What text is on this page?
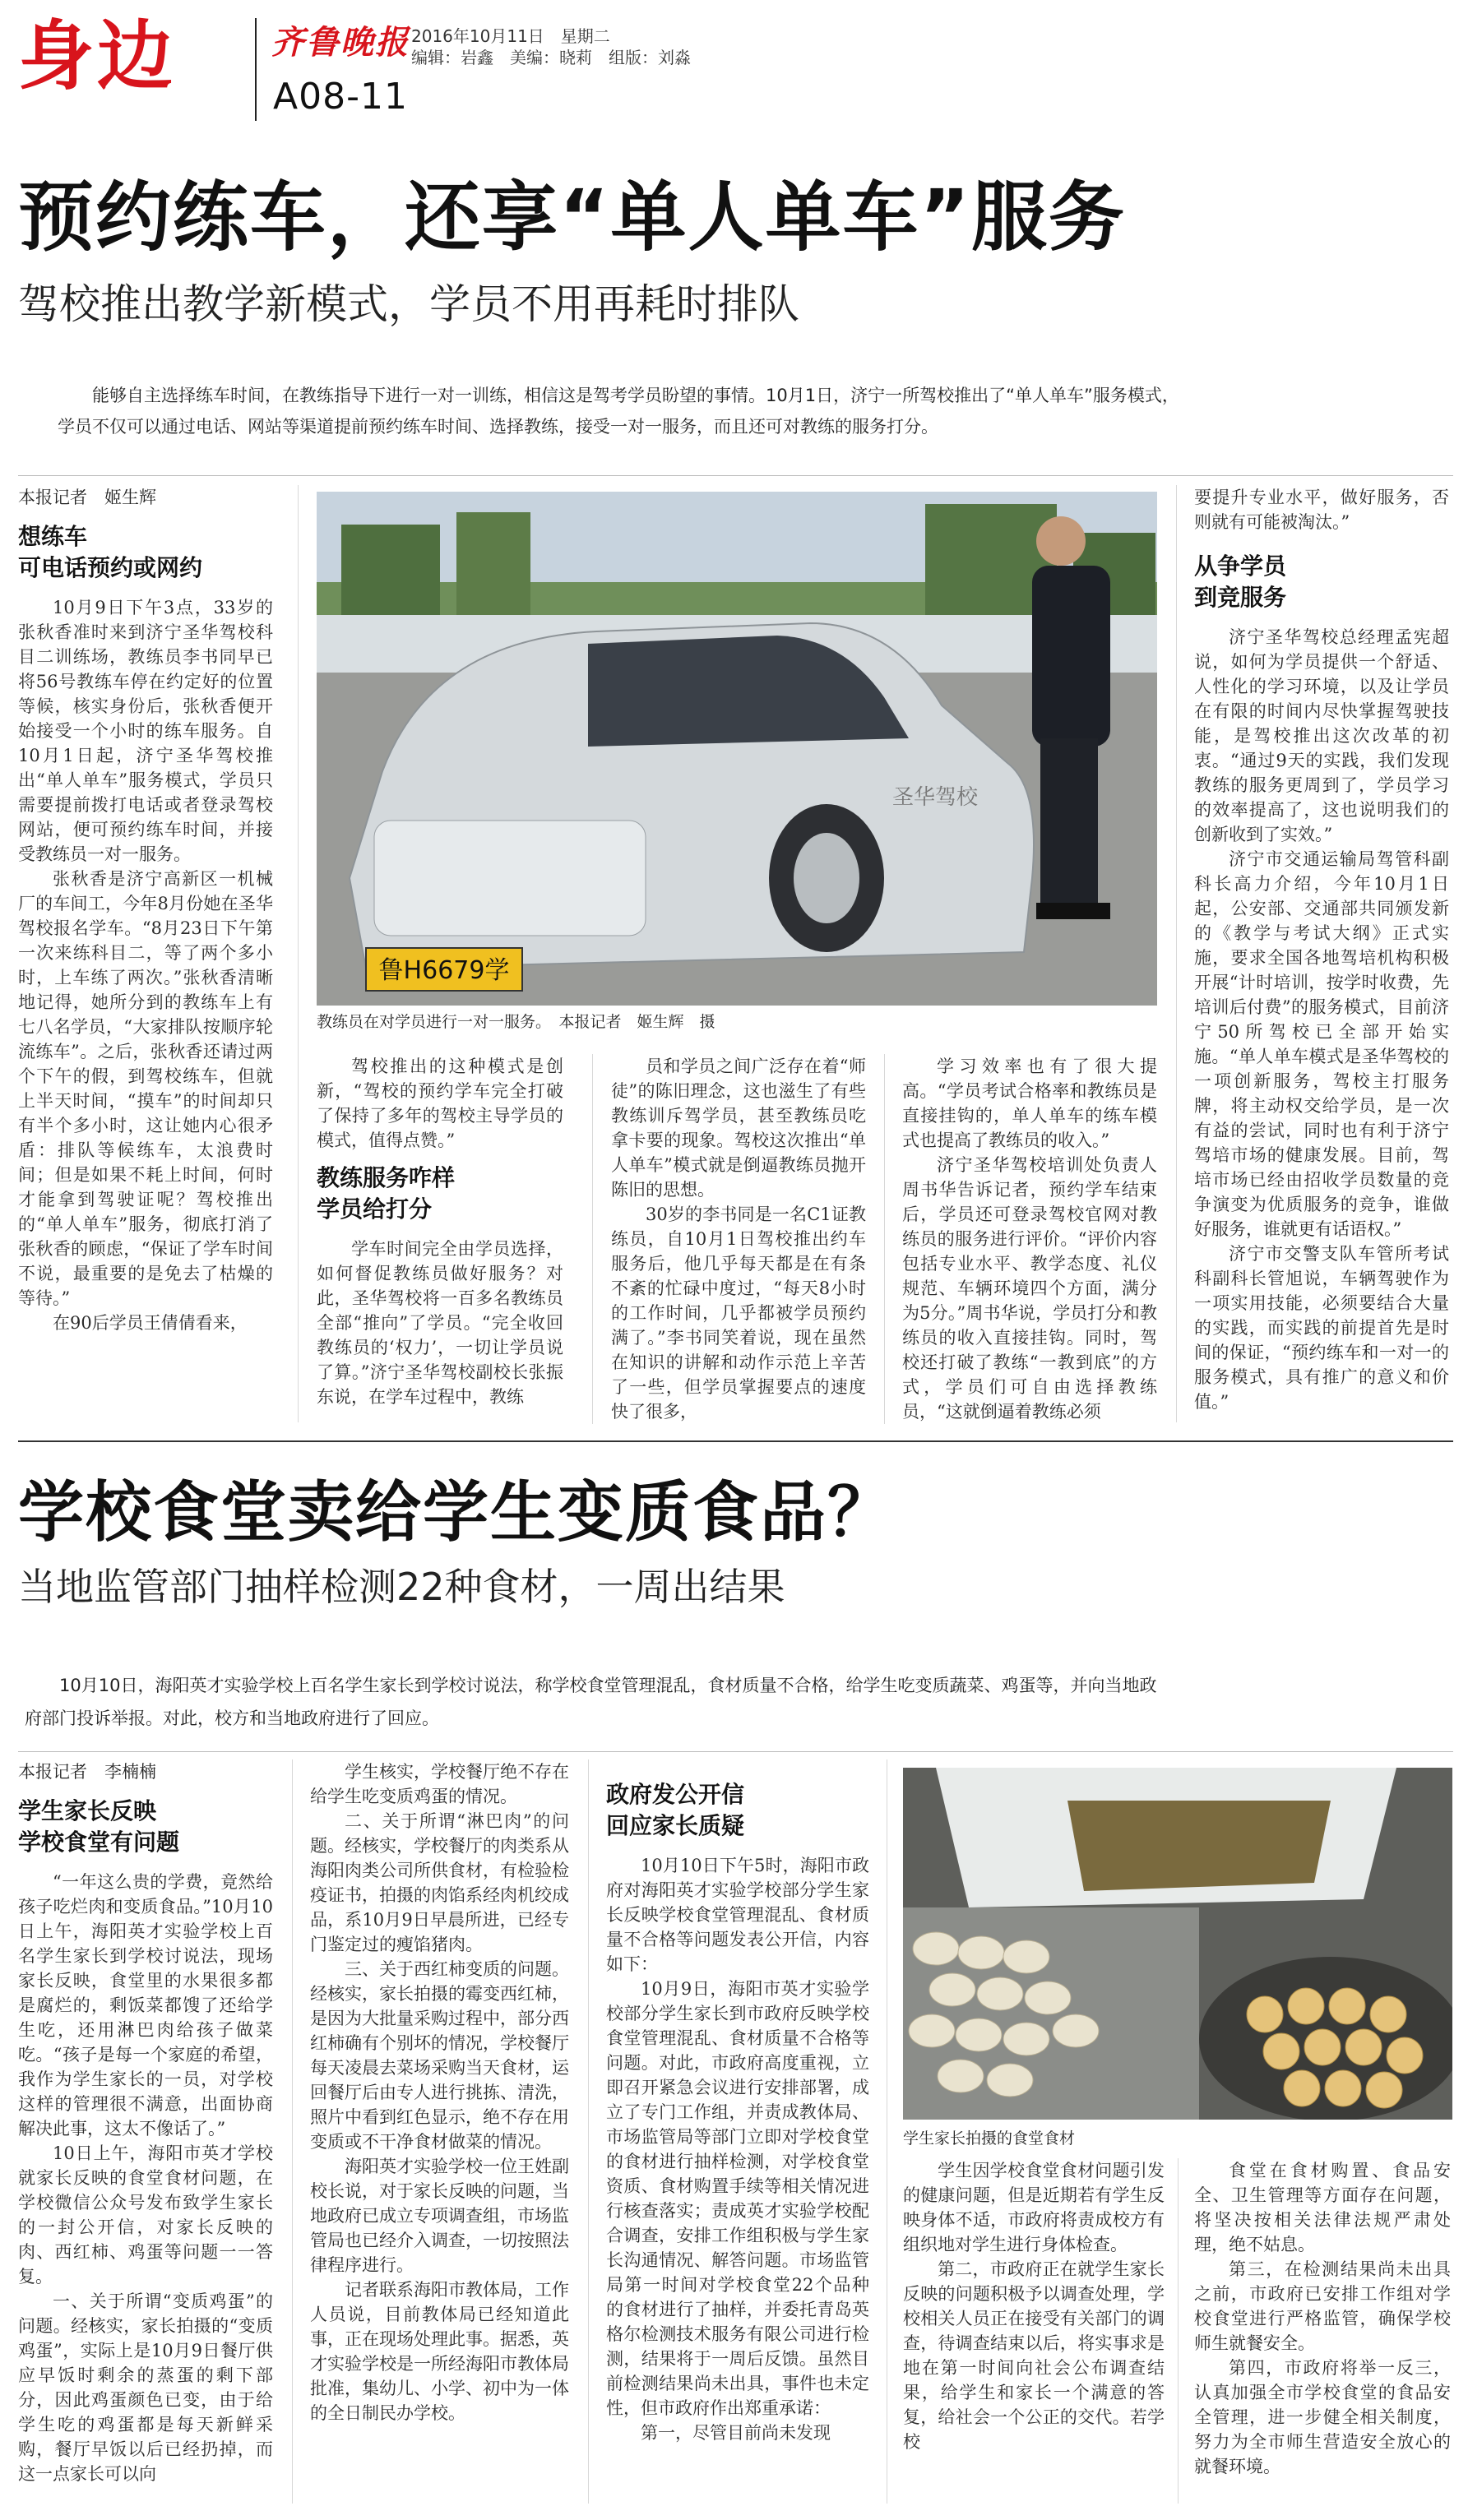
身边	齐鲁晚报 2016年10月11日　星期二
编辑：岩鑫　美编：晓莉　组版：刘淼
A08-11
预约练车，还享“单人单车”服务
驾校推出教学新模式，学员不用再耗时排队
能够自主选择练车时间，在教练指导下进行一对一训练，相信这是驾考学员盼望的事情。10月1日，济宁一所驾校推出了“单人单车”服务模式，学员不仅可以通过电话、网站等渠道提前预约练车时间、选择教练，接受一对一服务，而且还可对教练的服务打分。
本报记者　姬生辉
想练车
可电话预约或网约

10月9日下午3点，33岁的张秋香准时来到济宁圣华驾校科目二训练场，教练员李书同早已将56号教练车停在约定好的位置等候，核实身份后，张秋香便开始接受一个小时的练车服务。自10月1日起，济宁圣华驾校推出“单人单车”服务模式，学员只需要提前拨打电话或者登录驾校网站，便可预约练车时间，并接受教练员一对一服务。

张秋香是济宁高新区一机械厂的车间工，今年8月份她在圣华驾校报名学车。“8月23日下午第一次来练科目二，等了两个多小时，上车练了两次。”张秋香清晰地记得，她所分到的教练车上有七八名学员，“大家排队按顺序轮流练车”。之后，张秋香还请过两个下午的假，到驾校练车，但就上半天时间，“摸车”的时间却只有半个多小时，这让她内心很矛盾：排队等候练车，太浪费时间；但是如果不耗上时间，何时才能拿到驾驶证呢？驾校推出的“单人单车”服务，彻底打消了张秋香的顾虑，“保证了学车时间不说，最重要的是免去了枯燥的等待。”

在90后学员王倩倩看来，

鲁H6679学
圣华驾校
教练员在对学员进行一对一服务。　本报记者　姬生辉　摄

驾校推出的这种模式是创新，“驾校的预约学车完全打破了保持了多年的驾校主导学员的模式，值得点赞。”

教练服务咋样
学员给打分

学车时间完全由学员选择，如何督促教练员做好服务？对此，圣华驾校将一百多名教练员全部“推向”了学员。“完全收回教练员的‘权力’，一切让学员说了算。”济宁圣华驾校副校长张振东说，在学车过程中，教练

员和学员之间广泛存在着“师徒”的陈旧理念，这也滋生了有些教练训斥驾学员，甚至教练员吃拿卡要的现象。驾校这次推出“单人单车”模式就是倒逼教练员抛开陈旧的思想。

30岁的李书同是一名C1证教练员，自10月1日驾校推出约车服务后，他几乎每天都是在有条不紊的忙碌中度过，“每天8小时的工作时间，几乎都被学员预约满了。”李书同笑着说，现在虽然在知识的讲解和动作示范上辛苦了一些，但学员掌握要点的速度快了很多，

学习效率也有了很大提高。“学员考试合格率和教练员是直接挂钩的，单人单车的练车模式也提高了教练员的收入。”

济宁圣华驾校培训处负责人周书华告诉记者，预约学车结束后，学员还可登录驾校官网对教练员的服务进行评价。“评价内容包括专业水平、教学态度、礼仪规范、车辆环境四个方面，满分为5分。”周书华说，学员打分和教练员的收入直接挂钩。同时，驾校还打破了教练“一教到底”的方式，学员们可自由选择教练员，“这就倒逼着教练必须

要提升专业水平，做好服务，否则就有可能被淘汰。”

从争学员
到竞服务

济宁圣华驾校总经理孟宪超说，如何为学员提供一个舒适、人性化的学习环境，以及让学员在有限的时间内尽快掌握驾驶技能，是驾校推出这次改革的初衷。“通过9天的实践，我们发现教练的服务更周到了，学员学习的效率提高了，这也说明我们的创新收到了实效。”

济宁市交通运输局驾管科副科长高力介绍，今年10月1日起，公安部、交通部共同颁发新的《教学与考试大纲》正式实施，要求全国各地驾培机构积极开展“计时培训，按学时收费，先培训后付费”的服务模式，目前济宁50所驾校已全部开始实施。“单人单车模式是圣华驾校的一项创新服务，驾校主打服务牌，将主动权交给学员，是一次有益的尝试，同时也有利于济宁驾培市场的健康发展。目前，驾培市场已经由招收学员数量的竞争演变为优质服务的竞争，谁做好服务，谁就更有话语权。”

济宁市交警支队车管所考试科副科长管旭说，车辆驾驶作为一项实用技能，必须要结合大量的实践，而实践的前提首先是时间的保证，“预约练车和一对一的服务模式，具有推广的意义和价值。”

学校食堂卖给学生变质食品？
当地监管部门抽样检测22种食材，一周出结果
10月10日，海阳英才实验学校上百名学生家长到学校讨说法，称学校食堂管理混乱，食材质量不合格，给学生吃变质蔬菜、鸡蛋等，并向当地政府部门投诉举报。对此，校方和当地政府进行了回应。
本报记者　李楠楠
学生家长反映
学校食堂有问题

“一年这么贵的学费，竟然给孩子吃烂肉和变质食品。”10月10日上午，海阳英才实验学校上百名学生家长到学校讨说法，现场家长反映，食堂里的水果很多都是腐烂的，剩饭菜都馊了还给学生吃，还用淋巴肉给孩子做菜吃。“孩子是每一个家庭的希望，我作为学生家长的一员，对学校这样的管理很不满意，出面协商解决此事，这太不像话了。”

10日上午，海阳市英才学校就家长反映的食堂食材问题，在学校微信公众号发布致学生家长的一封公开信，对家长反映的肉、西红柿、鸡蛋等问题一一答复。

一、关于所谓“变质鸡蛋”的问题。经核实，家长拍摄的“变质鸡蛋”，实际上是10月9日餐厅供应早饭时剩余的蒸蛋的剩下部分，因此鸡蛋颜色已变，由于给学生吃的鸡蛋都是每天新鲜采购，餐厅早饭以后已经扔掉，而这一点家长可以向

学生核实，学校餐厅绝不存在给学生吃变质鸡蛋的情况。

二、关于所谓“淋巴肉”的问题。经核实，学校餐厅的肉类系从海阳肉类公司所供食材，有检验检疫证书，拍摄的肉馅系经肉机绞成品，系10月9日早晨所进，已经专门鉴定过的瘦馅猪肉。

三、关于西红柿变质的问题。经核实，家长拍摄的霉变西红柿，是因为大批量采购过程中，部分西红柿确有个别坏的情况，学校餐厅每天凌晨去菜场采购当天食材，运回餐厅后由专人进行挑拣、清洗，照片中看到红色显示，绝不存在用变质或不干净食材做菜的情况。

海阳英才实验学校一位王姓副校长说，对于家长反映的问题，当地政府已成立专项调查组，市场监管局也已经介入调查，一切按照法律程序进行。

记者联系海阳市教体局，工作人员说，目前教体局已经知道此事，正在现场处理此事。据悉，英才实验学校是一所经海阳市教体局批准，集幼儿、小学、初中为一体的全日制民办学校。

政府发公开信
回应家长质疑

10月10日下午5时，海阳市政府对海阳英才实验学校部分学生家长反映学校食堂管理混乱、食材质量不合格等问题发表公开信，内容如下：

10月9日，海阳市英才实验学校部分学生家长到市政府反映学校食堂管理混乱、食材质量不合格等问题。对此，市政府高度重视，立即召开紧急会议进行安排部署，成立了专门工作组，并责成教体局、市场监管局等部门立即对学校食堂的食材进行抽样检测，对学校食堂资质、食材购置手续等相关情况进行核查落实；责成英才实验学校配合调查，安排工作组积极与学生家长沟通情况、解答问题。市场监管局第一时间对学校食堂22个品种的食材进行了抽样，并委托青岛英格尔检测技术服务有限公司进行检测，结果将于一周后反馈。虽然目前检测结果尚未出具，事件也未定性，但市政府作出郑重承诺：

第一，尽管目前尚未发现

学生家长拍摄的食堂食材

学生因学校食堂食材问题引发的健康问题，但是近期若有学生反映身体不适，市政府将责成校方有组织地对学生进行身体检查。

第二，市政府正在就学生家长反映的问题积极予以调查处理，学校相关人员正在接受有关部门的调查，待调查结束以后，将实事求是地在第一时间向社会公布调查结果，给学生和家长一个满意的答复，给社会一个公正的交代。若学校

食堂在食材购置、食品安全、卫生管理等方面存在问题，将坚决按相关法律法规严肃处理，绝不姑息。

第三，在检测结果尚未出具之前，市政府已安排工作组对学校食堂进行严格监管，确保学校师生就餐安全。

第四，市政府将举一反三，认真加强全市学校食堂的食品安全管理，进一步健全相关制度，努力为全市师生营造安全放心的就餐环境。
